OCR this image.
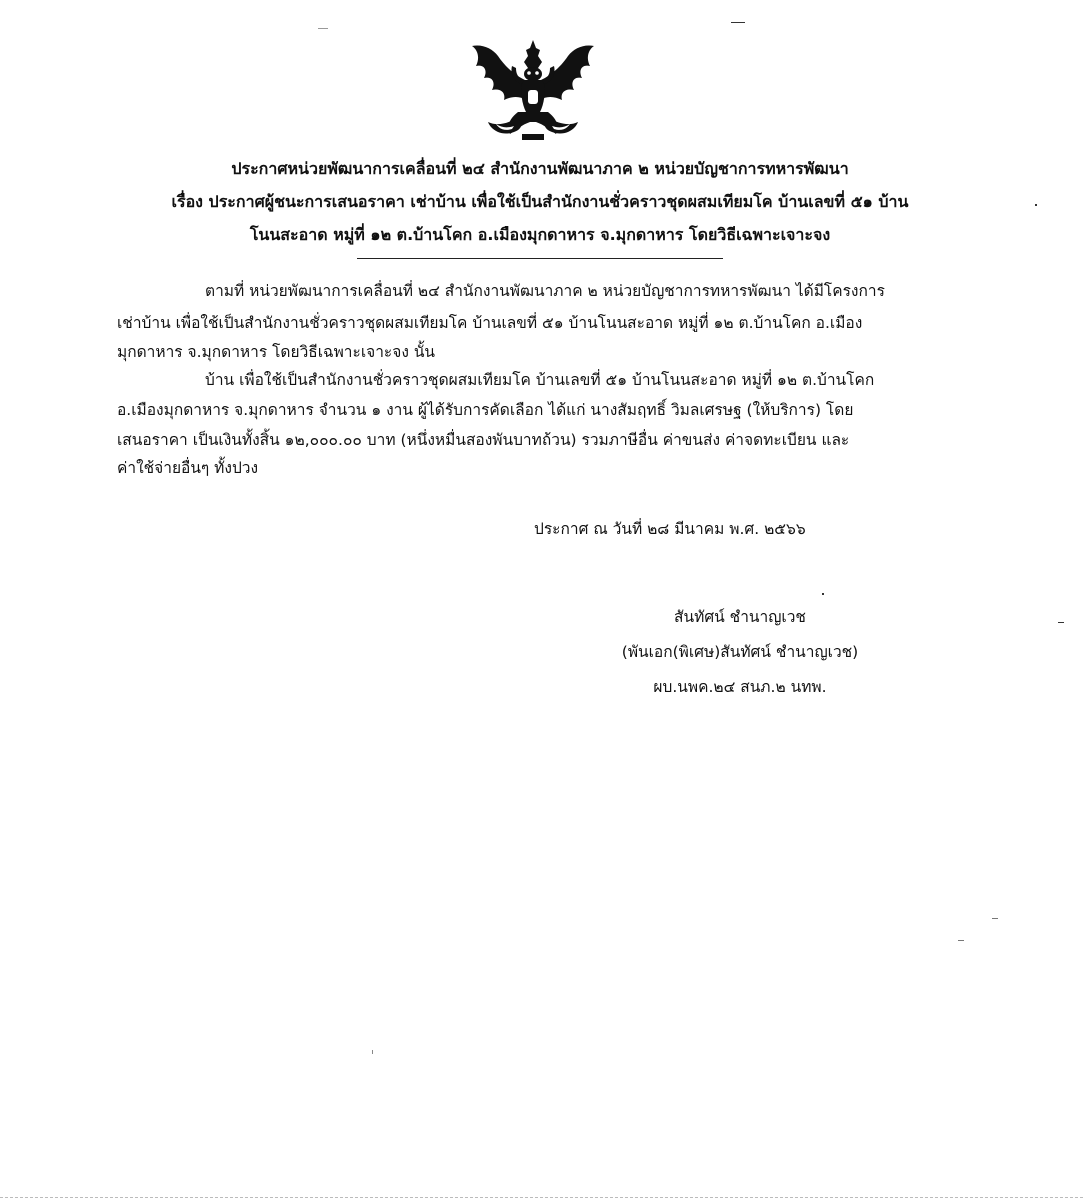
ประกาศหน่วยพัฒนาการเคลื่อนที่ ๒๔ สำนักงานพัฒนาภาค ๒ หน่วยบัญชาการทหารพัฒนา
เรื่อง ประกาศผู้ชนะการเสนอราคา เช่าบ้าน เพื่อใช้เป็นสำนักงานชั่วคราวชุดผสมเทียมโค บ้านเลขที่ ๕๑ บ้าน
โนนสะอาด หมู่ที่ ๑๒ ต.บ้านโคก อ.เมืองมุกดาหาร จ.มุกดาหาร โดยวิธีเฉพาะเจาะจง
ตามที่ หน่วยพัฒนาการเคลื่อนที่ ๒๔ สำนักงานพัฒนาภาค ๒ หน่วยบัญชาการทหารพัฒนา ได้มีโครงการ
เช่าบ้าน เพื่อใช้เป็นสำนักงานชั่วคราวชุดผสมเทียมโค บ้านเลขที่ ๕๑ บ้านโนนสะอาด หมู่ที่ ๑๒ ต.บ้านโคก อ.เมือง
มุกดาหาร จ.มุกดาหาร โดยวิธีเฉพาะเจาะจง นั้น
บ้าน เพื่อใช้เป็นสำนักงานชั่วคราวชุดผสมเทียมโค บ้านเลขที่ ๕๑ บ้านโนนสะอาด หมู่ที่ ๑๒ ต.บ้านโคก
อ.เมืองมุกดาหาร จ.มุกดาหาร จำนวน ๑ งาน ผู้ได้รับการคัดเลือก ได้แก่ นางสัมฤทธิ์ วิมลเศรษฐ (ให้บริการ) โดย
เสนอราคา เป็นเงินทั้งสิ้น ๑๒,๐๐๐.๐๐ บาท (หนึ่งหมื่นสองพันบาทถ้วน) รวมภาษีอื่น ค่าขนส่ง ค่าจดทะเบียน และ
ค่าใช้จ่ายอื่นๆ ทั้งปวง
ประกาศ ณ วันที่ ๒๘ มีนาคม พ.ศ. ๒๕๖๖
สันทัศน์ ชำนาญเวช
(พันเอก(พิเศษ)สันทัศน์ ชำนาญเวช)
ผบ.นพค.๒๔ สนภ.๒ นทพ.
